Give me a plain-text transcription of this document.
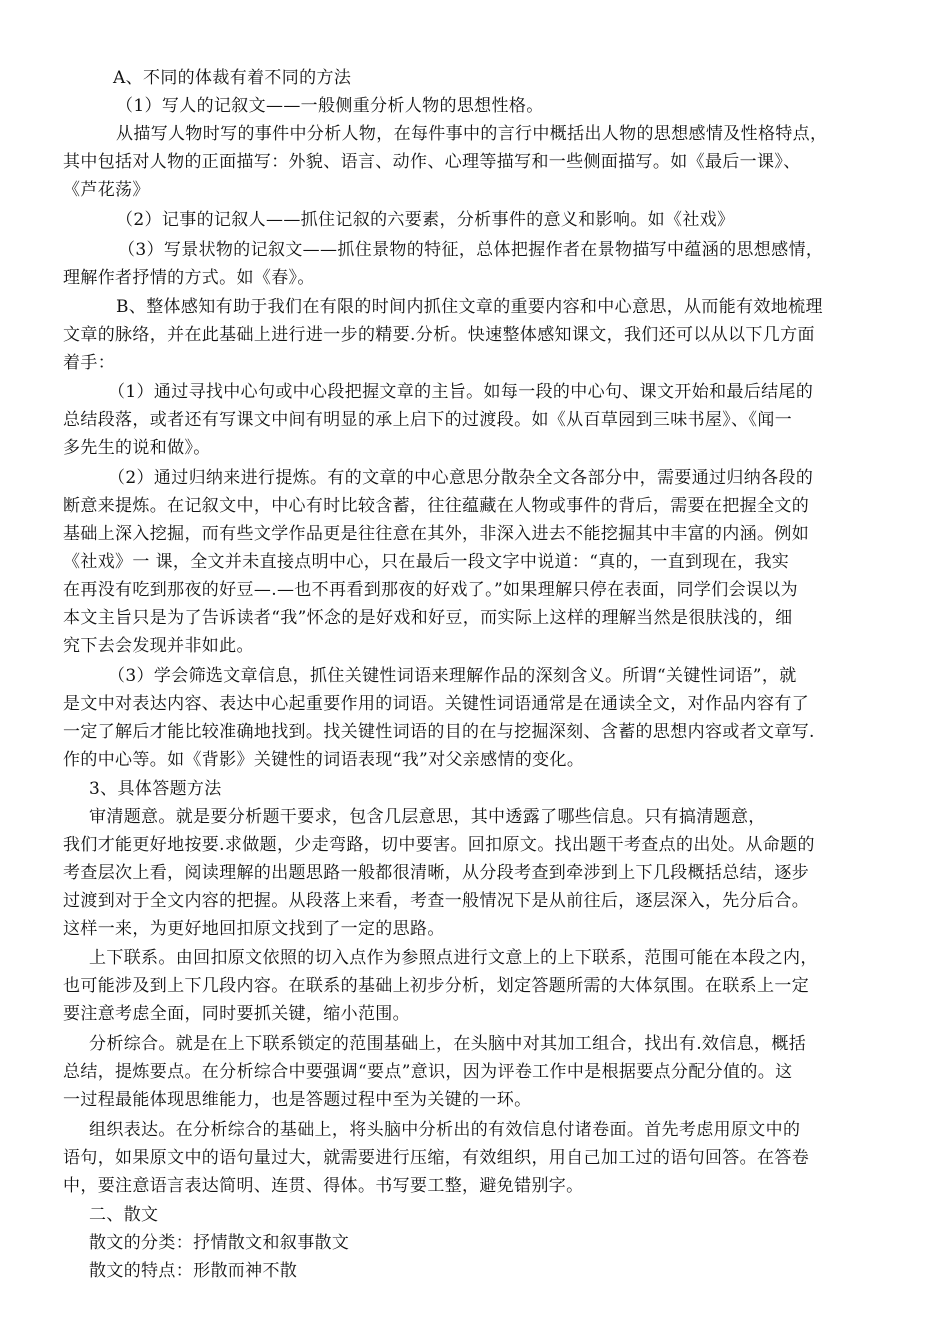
A、不同的体裁有着不同的方法
（1）写人的记叙文——一般侧重分析人物的思想性格。
从描写人物时写的事件中分析人物，在每件事中的言行中概括出人物的思想感情及性格特点，
其中包括对人物的正面描写：外貌、语言、动作、心理等描写和一些侧面描写。如《最后一课》、
《芦花荡》
（2）记事的记叙人——抓住记叙的六要素，分析事件的意义和影响。如《社戏》
（3）写景状物的记叙文——抓住景物的特征，总体把握作者在景物描写中蕴涵的思想感情，
理解作者抒情的方式。如《春》。
B、整体感知有助于我们在有限的时间内抓住文章的重要内容和中心意思，从而能有效地梳理
文章的脉络，并在此基础上进行进一步的精要.分析。快速整体感知课文，我们还可以从以下几方面
着手：
（1）通过寻找中心句或中心段把握文章的主旨。如每一段的中心句、课文开始和最后结尾的
总结段落，或者还有写课文中间有明显的承上启下的过渡段。如《从百草园到三味书屋》、《闻一
多先生的说和做》。
（2）通过归纳来进行提炼。有的文章的中心意思分散杂全文各部分中，需要通过归纳各段的
断意来提炼。在记叙文中，中心有时比较含蓄，往往蕴藏在人物或事件的背后，需要在把握全文的
基础上深入挖掘，而有些文学作品更是往往意在其外，非深入进去不能挖掘其中丰富的内涵。例如
《社戏》一 课，全文并未直接点明中心，只在最后一段文字中说道：“真的，一直到现在，我实
在再没有吃到那夜的好豆—.—也不再看到那夜的好戏了。”如果理解只停在表面，同学们会误以为
本文主旨只是为了告诉读者“我”怀念的是好戏和好豆，而实际上这样的理解当然是很肤浅的，细
究下去会发现并非如此。
（3）学会筛选文章信息，抓住关键性词语来理解作品的深刻含义。所谓“关键性词语”，就
是文中对表达内容、表达中心起重要作用的词语。关键性词语通常是在通读全文，对作品内容有了
一定了解后才能比较准确地找到。找关键性词语的目的在与挖掘深刻、含蓄的思想内容或者文章写.
作的中心等。如《背影》关键性的词语表现“我”对父亲感情的变化。
3、具体答题方法
审清题意。就是要分析题干要求，包含几层意思，其中透露了哪些信息。只有搞清题意，
我们才能更好地按要.求做题，少走弯路，切中要害。回扣原文。找出题干考查点的出处。从命题的
考查层次上看，阅读理解的出题思路一般都很清晰，从分段考查到牵涉到上下几段概括总结，逐步
过渡到对于全文内容的把握。从段落上来看，考查一般情况下是从前往后，逐层深入，先分后合。
这样一来，为更好地回扣原文找到了一定的思路。
上下联系。由回扣原文依照的切入点作为参照点进行文意上的上下联系，范围可能在本段之内，
也可能涉及到上下几段内容。在联系的基础上初步分析，划定答题所需的大体氛围。在联系上一定
要注意考虑全面，同时要抓关键，缩小范围。
分析综合。就是在上下联系锁定的范围基础上，在头脑中对其加工组合，找出有.效信息，概括
总结，提炼要点。在分析综合中要强调“要点”意识，因为评卷工作中是根据要点分配分值的。这
一过程最能体现思维能力，也是答题过程中至为关键的一环。
组织表达。在分析综合的基础上，将头脑中分析出的有效信息付诸卷面。首先考虑用原文中的
语句，如果原文中的语句量过大，就需要进行压缩，有效组织，用自己加工过的语句回答。在答卷
中，要注意语言表达简明、连贯、得体。书写要工整，避免错别字。
二、散文
散文的分类：抒情散文和叙事散文
散文的特点：形散而神不散
